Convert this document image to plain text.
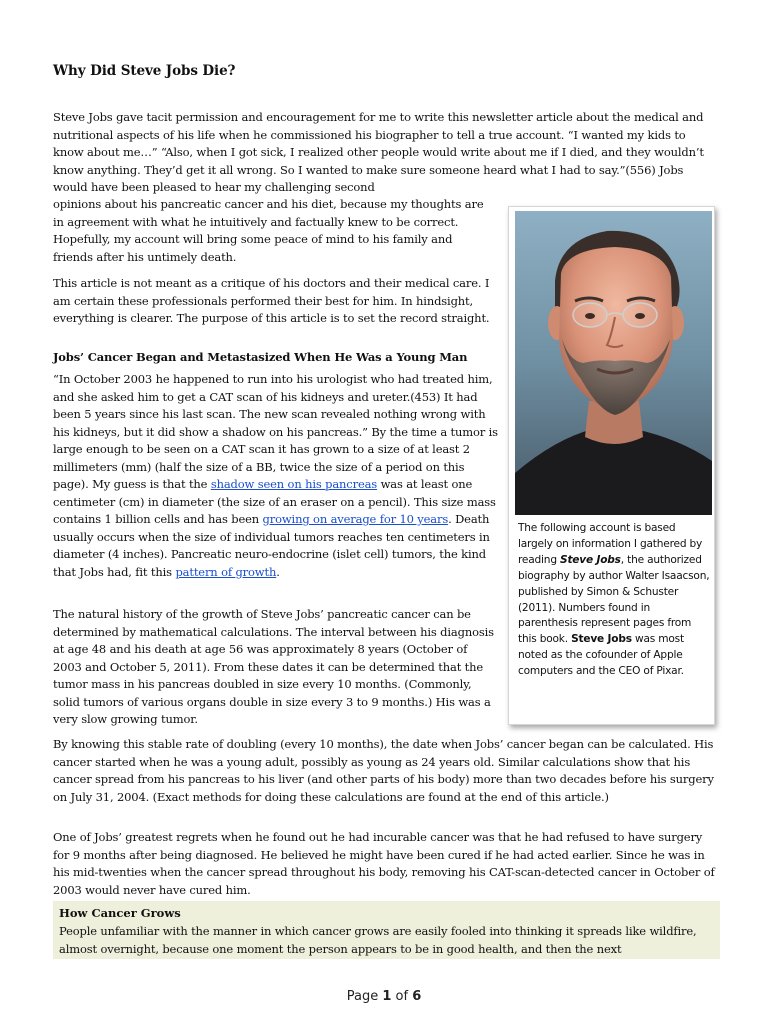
Why Did Steve Jobs Die?

Steve Jobs gave tacit permission and encouragement for me to write this newsletter article about the medical and nutritional aspects of his life when he commissioned his biographer to tell a true account. “I wanted my kids to know about me…” “Also, when I got sick, I realized other people would write about me if I died, and they wouldn’t know anything. They’d get it all wrong. So I wanted to make sure someone heard what I had to say.”(556) Jobs would have been pleased to hear my challenging second

opinions about his pancreatic cancer and his diet, because my thoughts are in agreement with what he intuitively and factually knew to be correct. Hopefully, my account will bring some peace of mind to his family and friends after his untimely death.

This article is not meant as a critique of his doctors and their medical care. I am certain these professionals performed their best for him. In hindsight, everything is clearer. The purpose of this article is to set the record straight.

Jobs’ Cancer Began and Metastasized When He Was a Young Man

“In October 2003 he happened to run into his urologist who had treated him, and she asked him to get a CAT scan of his kidneys and ureter.(453) It had been 5 years since his last scan. The new scan revealed nothing wrong with his kidneys, but it did show a shadow on his pancreas.” By the time a tumor is large enough to be seen on a CAT scan it has grown to a size of at least 2 millimeters (mm) (half the size of a BB, twice the size of a period on this page). My guess is that the shadow seen on his pancreas was at least one centimeter (cm) in diameter (the size of an eraser on a pencil). This size mass contains 1 billion cells and has been growing on average for 10 years. Death usually occurs when the size of individual tumors reaches ten centimeters in diameter (4 inches). Pancreatic neuro-endocrine (islet cell) tumors, the kind that Jobs had, fit this pattern of growth.

The natural history of the growth of Steve Jobs’ pancreatic cancer can be determined by mathematical calculations. The interval between his diagnosis at age 48 and his death at age 56 was approximately 8 years (October of 2003 and October 5, 2011). From these dates it can be determined that the tumor mass in his pancreas doubled in size every 10 months. (Commonly, solid tumors of various organs double in size every 3 to 9 months.) His was a very slow growing tumor.

By knowing this stable rate of doubling (every 10 months), the date when Jobs’ cancer began can be calculated. His cancer started when he was a young adult, possibly as young as 24 years old. Similar calculations show that his cancer spread from his pancreas to his liver (and other parts of his body) more than two decades before his surgery on July 31, 2004. (Exact methods for doing these calculations are found at the end of this article.)

One of Jobs’ greatest regrets when he found out he had incurable cancer was that he had refused to have surgery for 9 months after being diagnosed. He believed he might have been cured if he had acted earlier. Since he was in his mid-twenties when the cancer spread throughout his body, removing his CAT-scan-detected cancer in October of 2003 would never have cured him.

How Cancer Grows
People unfamiliar with the manner in which cancer grows are easily fooled into thinking it spreads like wildfire, almost overnight, because one moment the person appears to be in good health, and then the next
The following account is based largely on information I gathered by reading Steve Jobs, the authorized biography by author Walter Isaacson, published by Simon & Schuster (2011). Numbers found in parenthesis represent pages from this book. Steve Jobs was most noted as the cofounder of Apple computers and the CEO of Pixar.
Page 1 of 6
